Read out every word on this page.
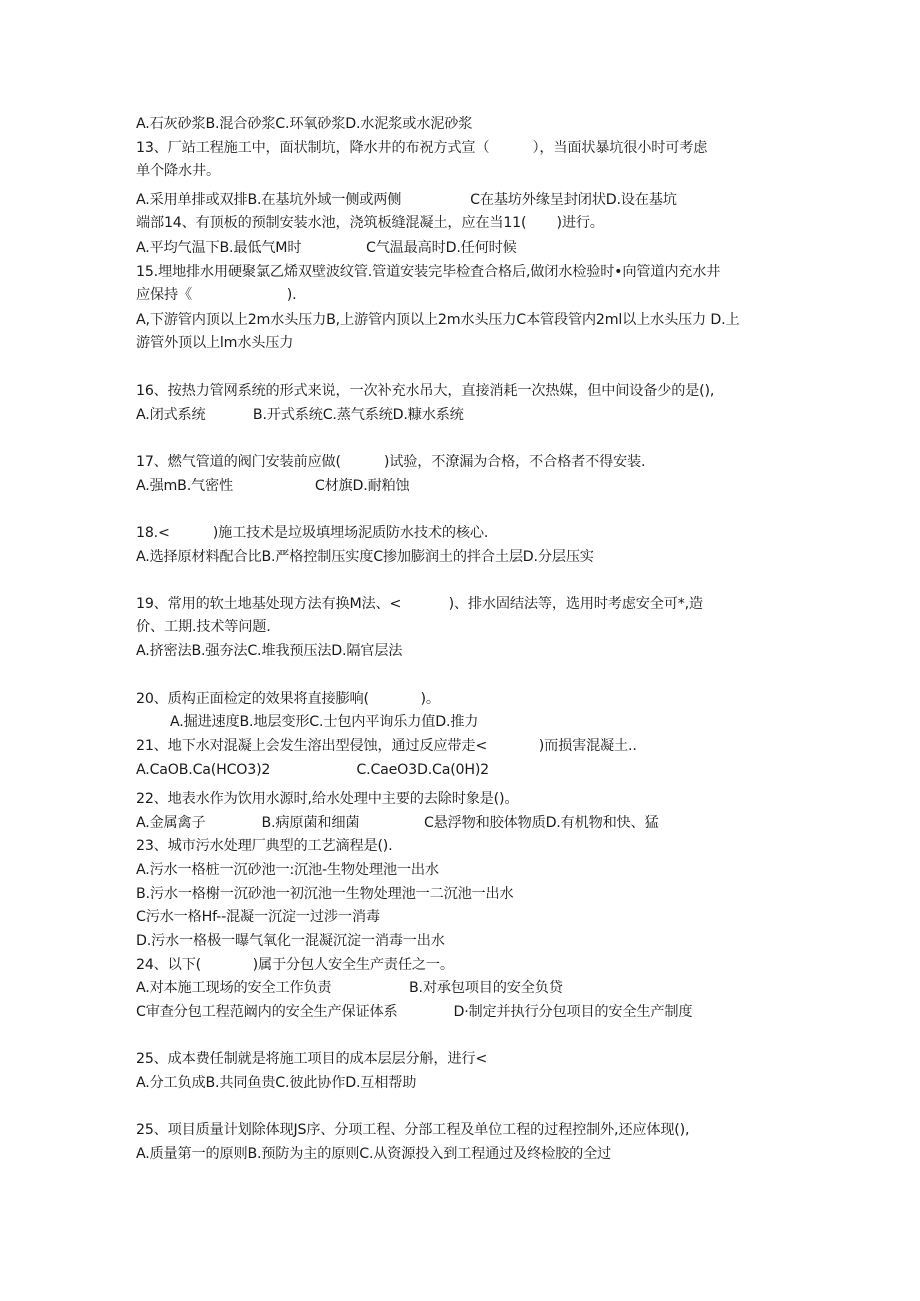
A.石灰砂浆B.混合砂浆C.环氧砂浆D.水泥浆或水泥砂浆
13、厂站工程施工中，面状制坑，降水井的布祝方式宣（          ），当面状暴坑很小时可考虑
单个降水井。
A.采用单排或双排B.在基坑外域一侧或两侧                C在基坊外缘呈封闭状D.设在基坑
端部14、有顶板的预制安装水池，浇筑板缝混凝土，应在当11(       )进行。
A.平均气温下B.最低气M时               C气温最高时D.任何时候
15.埋地排水用硬聚氯乙烯双壁波纹管.管道安装完毕检査合格后,做闭水检验时•向管道内充水井
应保持《                      ).
A,下游管内顶以上2m水头压力B,上游管内顶以上2m水头压力C本管段管内2ml以上水头压力 D.上
游管外顶以上lm水头压力
16、按热力管网系统的形式来说，一次补充水吊大，直接消耗一次热媒，但中间设备少的是(),
A.闭式系统           B.开式系统C.蒸气系统D.糠水系统
17、燃气管道的阀门安装前应做(          )试验，不潦漏为合格，不合格者不得安装.
A.强mB.气密性                   C材旗D.耐粕蚀
18.<          )施工技术是垃圾填埋场泥质防水技术的核心.
A.选择原材料配合比B.严格控制压实度C掺加膨润土的拌合土层D.分层压实
19、常用的软土地基处现方法有换M法、<           )、排水固结法等，选用时考虑安全可*,造
价、工期.技术等问题.
A.挤密法B.强夯法C.堆我预压法D.隔官层法
20、质构正面检定的效果将直接膨响(            )。
A.掘进速度B.地层变形C.士包内平询乐力值D.推力
21、地下水对混凝上会发生溶出型侵蚀，通过反应带走<            )而损害混凝土..
A.CaOB.Ca(HCO3)2                    C.CaeO3D.Ca(0H)2
22、地表水作为饮用水源时,给水处理中主要的去除时象是()。
A.金属禽子             B.病原菌和细菌               C悬浮物和胶体物质D.有机物和快、猛
23、城市污水处理厂典型的工艺滴程是().
A.污水一格桩一沉砂池一:沉池-生物处理池一出水
B.污水一格榭一沉砂池一初沉池一生物处理池一二沉池一出水
C污水一格Hf--混凝一沉淀一过涉一消毒
D.污水一格极一曝气氧化一混凝沉淀一消毒一出水
24、以下(            )属于分包人安全生产责任之一。
A.对本施工现场的安全工作负责                  B.对承包项目的安全负贷
C审查分包工程范阚内的安全生产保证体系             D·制定并执行分包项目的安全生产制度
25、成本费任制就是将施工项目的成本层层分斛，进行<
A.分工负成B.共同鱼贵C.彼此协作D.互相帮助
25、项目质量计划除体现JS序、分项工程、分部工程及单位工程的过程控制外,还应体现(),
A.质量第一的原则B.预防为主的原则C.从资源投入到工程通过及终检胶的全过
